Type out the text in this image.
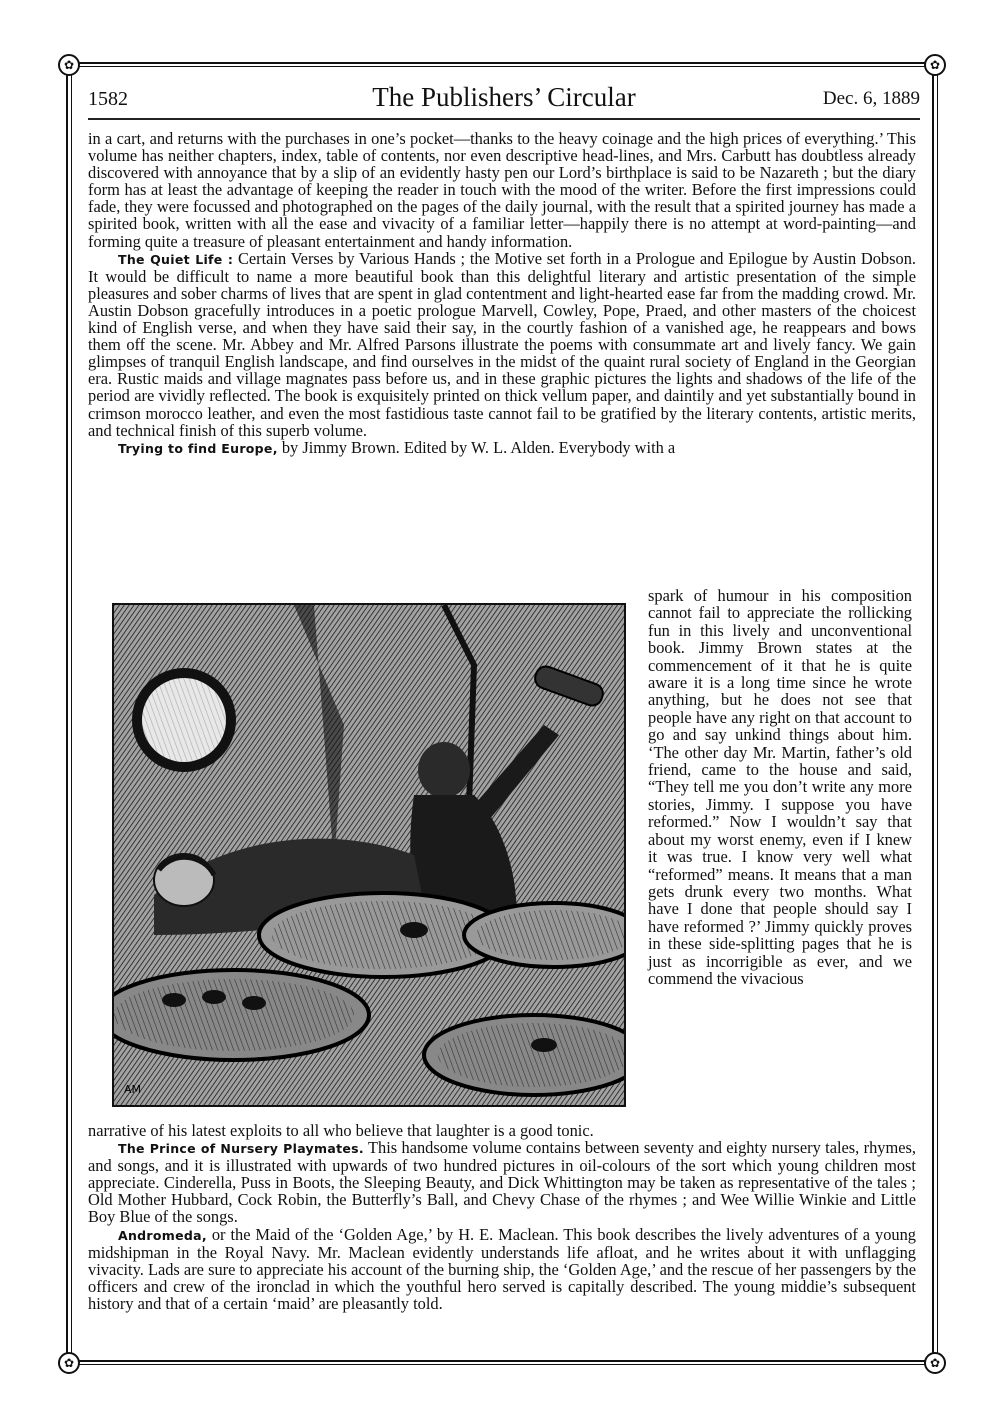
✿	✿
✿	✿
1582	The Publishers’ Circular	Dec. 6, 1889

in a cart, and returns with the purchases in one’s pocket—thanks to the heavy coinage and the high prices of everything.’ This volume has neither chapters, index, table of contents, nor even descriptive head-lines, and Mrs. Carbutt has doubtless already discovered with annoyance that by a slip of an evidently hasty pen our Lord’s birthplace is said to be Nazareth ; but the diary form has at least the advantage of keeping the reader in touch with the mood of the writer. Before the first impressions could fade, they were focussed and photographed on the pages of the daily journal, with the result that a spirited journey has made a spirited book, written with all the ease and vivacity of a familiar letter—happily there is no attempt at word-painting—and forming quite a treasure of pleasant entertainment and handy information.

The Quiet Life : Certain Verses by Various Hands ; the Motive set forth in a Prologue and Epilogue by Austin Dobson. It would be difficult to name a more beautiful book than this delightful literary and artistic presentation of the simple pleasures and sober charms of lives that are spent in glad contentment and light-hearted ease far from the madding crowd. Mr. Austin Dobson gracefully introduces in a poetic prologue Marvell, Cowley, Pope, Praed, and other masters of the choicest kind of English verse, and when they have said their say, in the courtly fashion of a vanished age, he reappears and bows them off the scene. Mr. Abbey and Mr. Alfred Parsons illustrate the poems with consummate art and lively fancy. We gain glimpses of tranquil English landscape, and find ourselves in the midst of the quaint rural society of England in the Georgian era. Rustic maids and village magnates pass before us, and in these graphic pictures the lights and shadows of the life of the period are vividly reflected. The book is exquisitely printed on thick vellum paper, and daintily and yet substantially bound in crimson morocco leather, and even the most fastidious taste cannot fail to be gratified by the literary contents, artistic merits, and technical finish of this superb volume.

Trying to find Europe, by Jimmy Brown. Edited by W. L. Alden. Everybody with a

AM
spark of humour in his composition cannot fail to appreciate the rollicking fun in this lively and unconventional book. Jimmy Brown states at the commencement of it that he is quite aware it is a long time since he wrote anything, but he does not see that people have any right on that account to go and say unkind things about him. ‘The other day Mr. Martin, father’s old friend, came to the house and said, “They tell me you don’t write any more stories, Jimmy. I suppose you have reformed.” Now I wouldn’t say that about my worst enemy, even if I knew it was true. I know very well what “reformed” means. It means that a man gets drunk every two months. What have I done that people should say I have reformed ?’ Jimmy quickly proves in these side-splitting pages that he is just as incorrigible as ever, and we commend the vivacious

narrative of his latest exploits to all who believe that laughter is a good tonic.

The Prince of Nursery Playmates. This handsome volume contains between seventy and eighty nursery tales, rhymes, and songs, and it is illustrated with upwards of two hundred pictures in oil-colours of the sort which young children most appreciate. Cinderella, Puss in Boots, the Sleeping Beauty, and Dick Whittington may be taken as representative of the tales ; Old Mother Hubbard, Cock Robin, the Butterfly’s Ball, and Chevy Chase of the rhymes ; and Wee Willie Winkie and Little Boy Blue of the songs.

Andromeda, or the Maid of the ‘Golden Age,’ by H. E. Maclean. This book describes the lively adventures of a young midshipman in the Royal Navy. Mr. Maclean evidently understands life afloat, and he writes about it with unflagging vivacity. Lads are sure to appreciate his account of the burning ship, the ‘Golden Age,’ and the rescue of her passengers by the officers and crew of the ironclad in which the youthful hero served is capitally described. The young middie’s subsequent history and that of a certain ‘maid’ are pleasantly told.
